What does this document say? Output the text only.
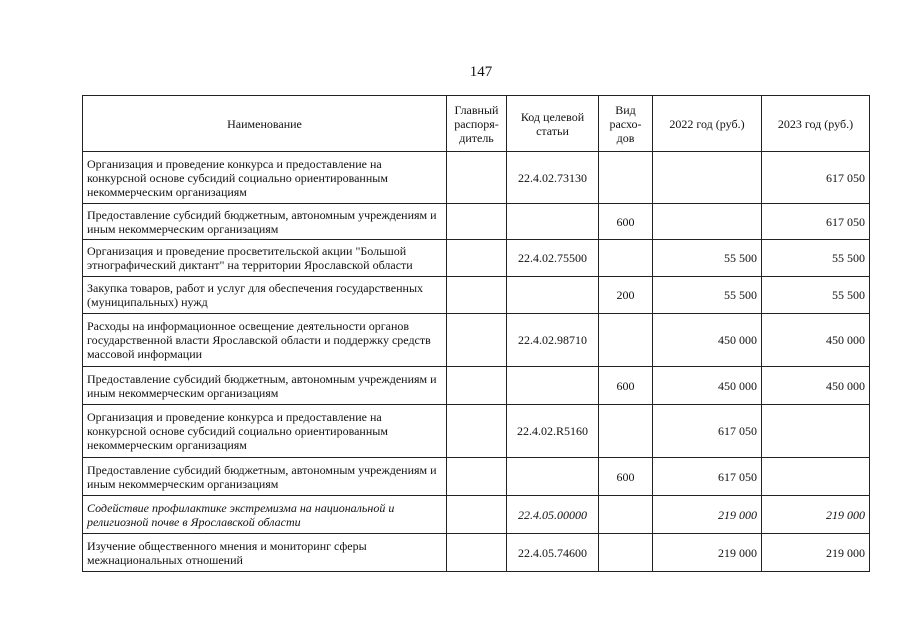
147
Наименование	Главный распоря-дитель	Код целевой статьи	Вид расхо-дов	2022 год (руб.)	2023 год (руб.)
Организация и проведение конкурса и предоставление на конкурсной основе субсидий социально ориентированным некоммерческим организациям		22.4.02.73130			617 050
Предоставление субсидий бюджетным, автономным учреждениям и иным некоммерческим организациям			600		617 050
Организация и проведение просветительской акции "Большой этнографический диктант" на территории Ярославской области		22.4.02.75500		55 500	55 500
Закупка товаров, работ и услуг для обеспечения государственных (муниципальных) нужд			200	55 500	55 500
Расходы на информационное освещение деятельности органов государственной власти Ярославской области и поддержку средств массовой информации		22.4.02.98710		450 000	450 000
Предоставление субсидий бюджетным, автономным учреждениям и иным некоммерческим организациям			600	450 000	450 000
Организация и проведение конкурса и предоставление на конкурсной основе субсидий социально ориентированным некоммерческим организациям		22.4.02.R5160		617 050	
Предоставление субсидий бюджетным, автономным учреждениям и иным некоммерческим организациям			600	617 050	
Содействие профилактике экстремизма на национальной и религиозной почве в Ярославской области		22.4.05.00000		219 000	219 000
Изучение общественного мнения и мониторинг сферы межнациональных отношений		22.4.05.74600		219 000	219 000
